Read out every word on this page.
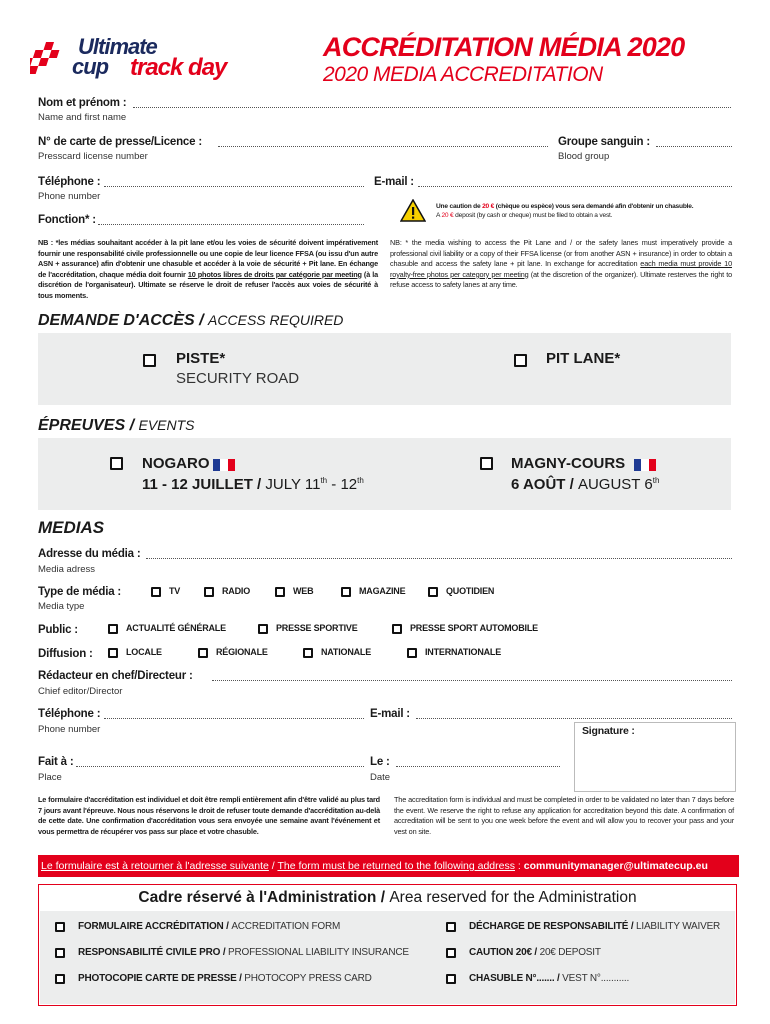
Ultimate
cup track day
ACCRÉDITATION MÉDIA 2020
2020 MEDIA ACCREDITATION
Nom et prénom :
Name and first name
N° de carte de presse/Licence :
Presscard license number
Groupe sanguin :
Blood group
Téléphone :
Phone number
E-mail :
Fonction* :
Une caution de 20 € (chèque ou espèce) vous sera demandé afin d'obtenir un chasuble.
A 20 € deposit (by cash or cheque) must be filed to obtain a vest.
NB : *les médias souhaitant accéder à la pit lane et/ou les voies de sécurité doivent impérativement fournir une responsabilité civile professionnelle ou une copie de leur licence FFSA (ou issu d'un autre ASN + assurance) afin d'obtenir une chasuble et accéder à la voie de sécurité + Pit lane. En échange de l'accréditation, chaque média doit fournir 10 photos libres de droits par catégorie par meeting (à la discrétion de l'organisateur). Ultimate se réserve le droit de refuser l'accès aux voies de sécurité à tous moments.
NB: * the media wishing to access the Pit Lane and / or the safety lanes must imperatively provide a professional civil liability or a copy of their FFSA license (or from another ASN + insurance) in order to obtain a chasuble and access the safety lane + pit lane. In exchange for accreditation each media must provide 10 royalty-free photos per category per meeting (at the discretion of the organizer). Ultimate resterves the right to refuse access to safety lanes at any time.
DEMANDE D'ACCÈS / ACCESS REQUIRED
PISTE*
SECURITY ROAD
PIT LANE*
ÉPREUVES / EVENTS
NOGARO
11 - 12 JUILLET / JULY 11th - 12th
MAGNY-COURS
6 AOÛT / AUGUST 6th
MEDIAS
Adresse du média :
Media adress
Type de média :
Media type
TV	RADIO	WEB	MAGAZINE	QUOTIDIEN
Public :	ACTUALITÉ GÉNÉRALE	PRESSE SPORTIVE	PRESSE SPORT AUTOMOBILE
Diffusion :	LOCALE	RÉGIONALE	NATIONALE	INTERNATIONALE
Rédacteur en chef/Directeur :
Chief editor/Director
Téléphone :
Phone number
E-mail :
Signature :
Fait à :
Place
Le :
Date
Le formulaire d'accréditation est individuel et doit être rempli entièrement afin d'être validé au plus tard 7 jours avant l'épreuve. Nous nous réservons le droit de refuser toute demande d'accréditation au-delà de cette date. Une confirmation d'accréditation vous sera envoyée une semaine avant l'événement et vous permettra de récupérer vos pass sur place et votre chasuble.
The accreditation form is individual and must be completed in order to be validated no later than 7 days before the event. We reserve the right to refuse any application for accreditation beyond this date. A confirmation of accreditation will be sent to you one week before the event and will allow you to recover your pass and your vest on site.
Le formulaire est à retourner à l'adresse suivante / The form must be returned to the following address : communitymanager@ultimatecup.eu
Cadre réservé à l'Administration / Area reserved for the Administration
FORMULAIRE ACCRÉDITATION / ACCREDITATION FORM	DÉCHARGE DE RESPONSABILITÉ / LIABILITY WAIVER
RESPONSABILITÉ CIVILE PRO / PROFESSIONAL LIABILITY INSURANCE	CAUTION 20€ / 20€ DEPOSIT
PHOTOCOPIE CARTE DE PRESSE / PHOTOCOPY PRESS CARD	CHASUBLE N°....... / VEST N°...........
